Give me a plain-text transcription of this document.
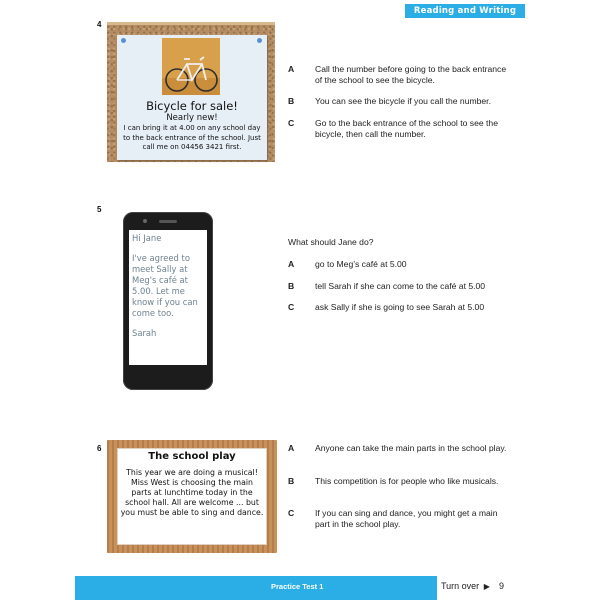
Reading and Writing
4
Bicycle for sale!
Nearly new!
I can bring it at 4.00 on any school day to the back entrance of the school. Just call me on 04456 3421 first.
A Call the number before going to the back entrance of the school to see the bicycle.
B You can see the bicycle if you call the number.
C Go to the back entrance of the school to see the bicycle, then call the number.
5

Hi Jane

I've agreed to meet Sally at Meg's café at 5.00. Let me know if you can come too.

Sarah

What should Jane do?
A go to Meg’s café at 5.00
B tell Sarah if she can come to the café at 5.00
C ask Sally if she is going to see Sarah at 5.00
6
The school play
This year we are doing a musical! Miss West is choosing the main parts at lunchtime today in the school hall. All are welcome ... but you must be able to sing and dance.
A Anyone can take the main parts in the school play.
B This competition is for people who like musicals.
C If you can sing and dance, you might get a main part in the school play.
Practice Test 1	Turn over ▶ 9
